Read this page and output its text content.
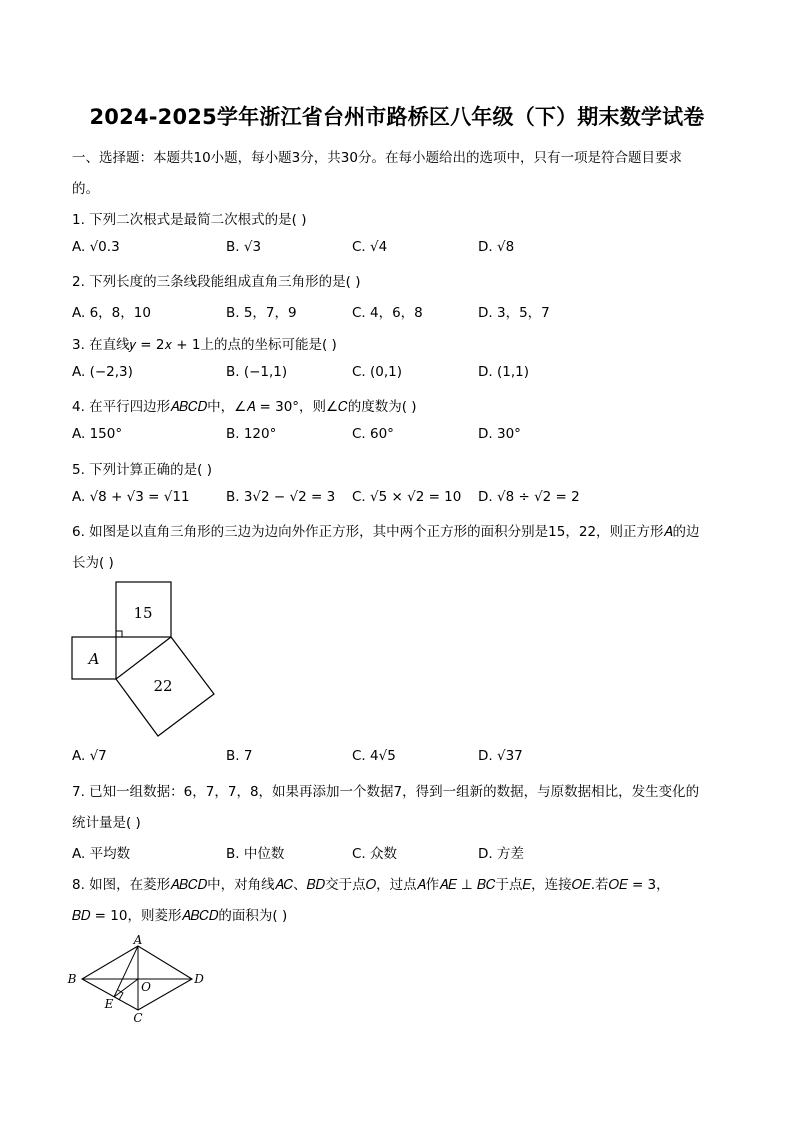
2024-2025学年浙江省台州市路桥区八年级（下）期末数学试卷
一、选择题：本题共10小题，每小题3分，共30分。在每小题给出的选项中，只有一项是符合题目要求
的。
1. 下列二次根式是最简二次根式的是( )
A. √0.3	B. √3	C. √4	D. √8
2. 下列长度的三条线段能组成直角三角形的是( )
A. 6，8，10	B. 5，7，9	C. 4，6，8	D. 3，5，7
3. 在直线𝑦 = 2𝑥 + 1上的点的坐标可能是( )
A. (−2,3)	B. (−1,1)	C. (0,1)	D. (1,1)
4. 在平行四边形𝐴𝐵𝐶𝐷中，∠𝐴 = 30°，则∠𝐶的度数为( )
A. 150°	B. 120°	C. 60°	D. 30°
5. 下列计算正确的是( )
A. √8 + √3 = √11	B. 3√2 − √2 = 3 C. √5 × √2 = 10 D. √8 ÷ √2 = 2
6. 如图是以直角三角形的三边为边向外作正方形，其中两个正方形的面积分别是15，22，则正方形𝐴的边
长为( )
15
A
22
A. √7	B. 7	C. 4√5	D. √37
7. 已知一组数据：6，7，7，8，如果再添加一个数据7，得到一组新的数据，与原数据相比，发生变化的
统计量是( )
A. 平均数	B. 中位数	C. 众数	D. 方差
8. 如图，在菱形𝐴𝐵𝐶𝐷中，对角线𝐴𝐶、𝐵𝐷交于点𝑂，过点𝐴作𝐴𝐸 ⊥ 𝐵𝐶于点𝐸，连接𝑂𝐸.若𝑂𝐸 = 3，
𝐵𝐷 = 10，则菱形𝐴𝐵𝐶𝐷的面积为( )
A
B
C
D
E
O
